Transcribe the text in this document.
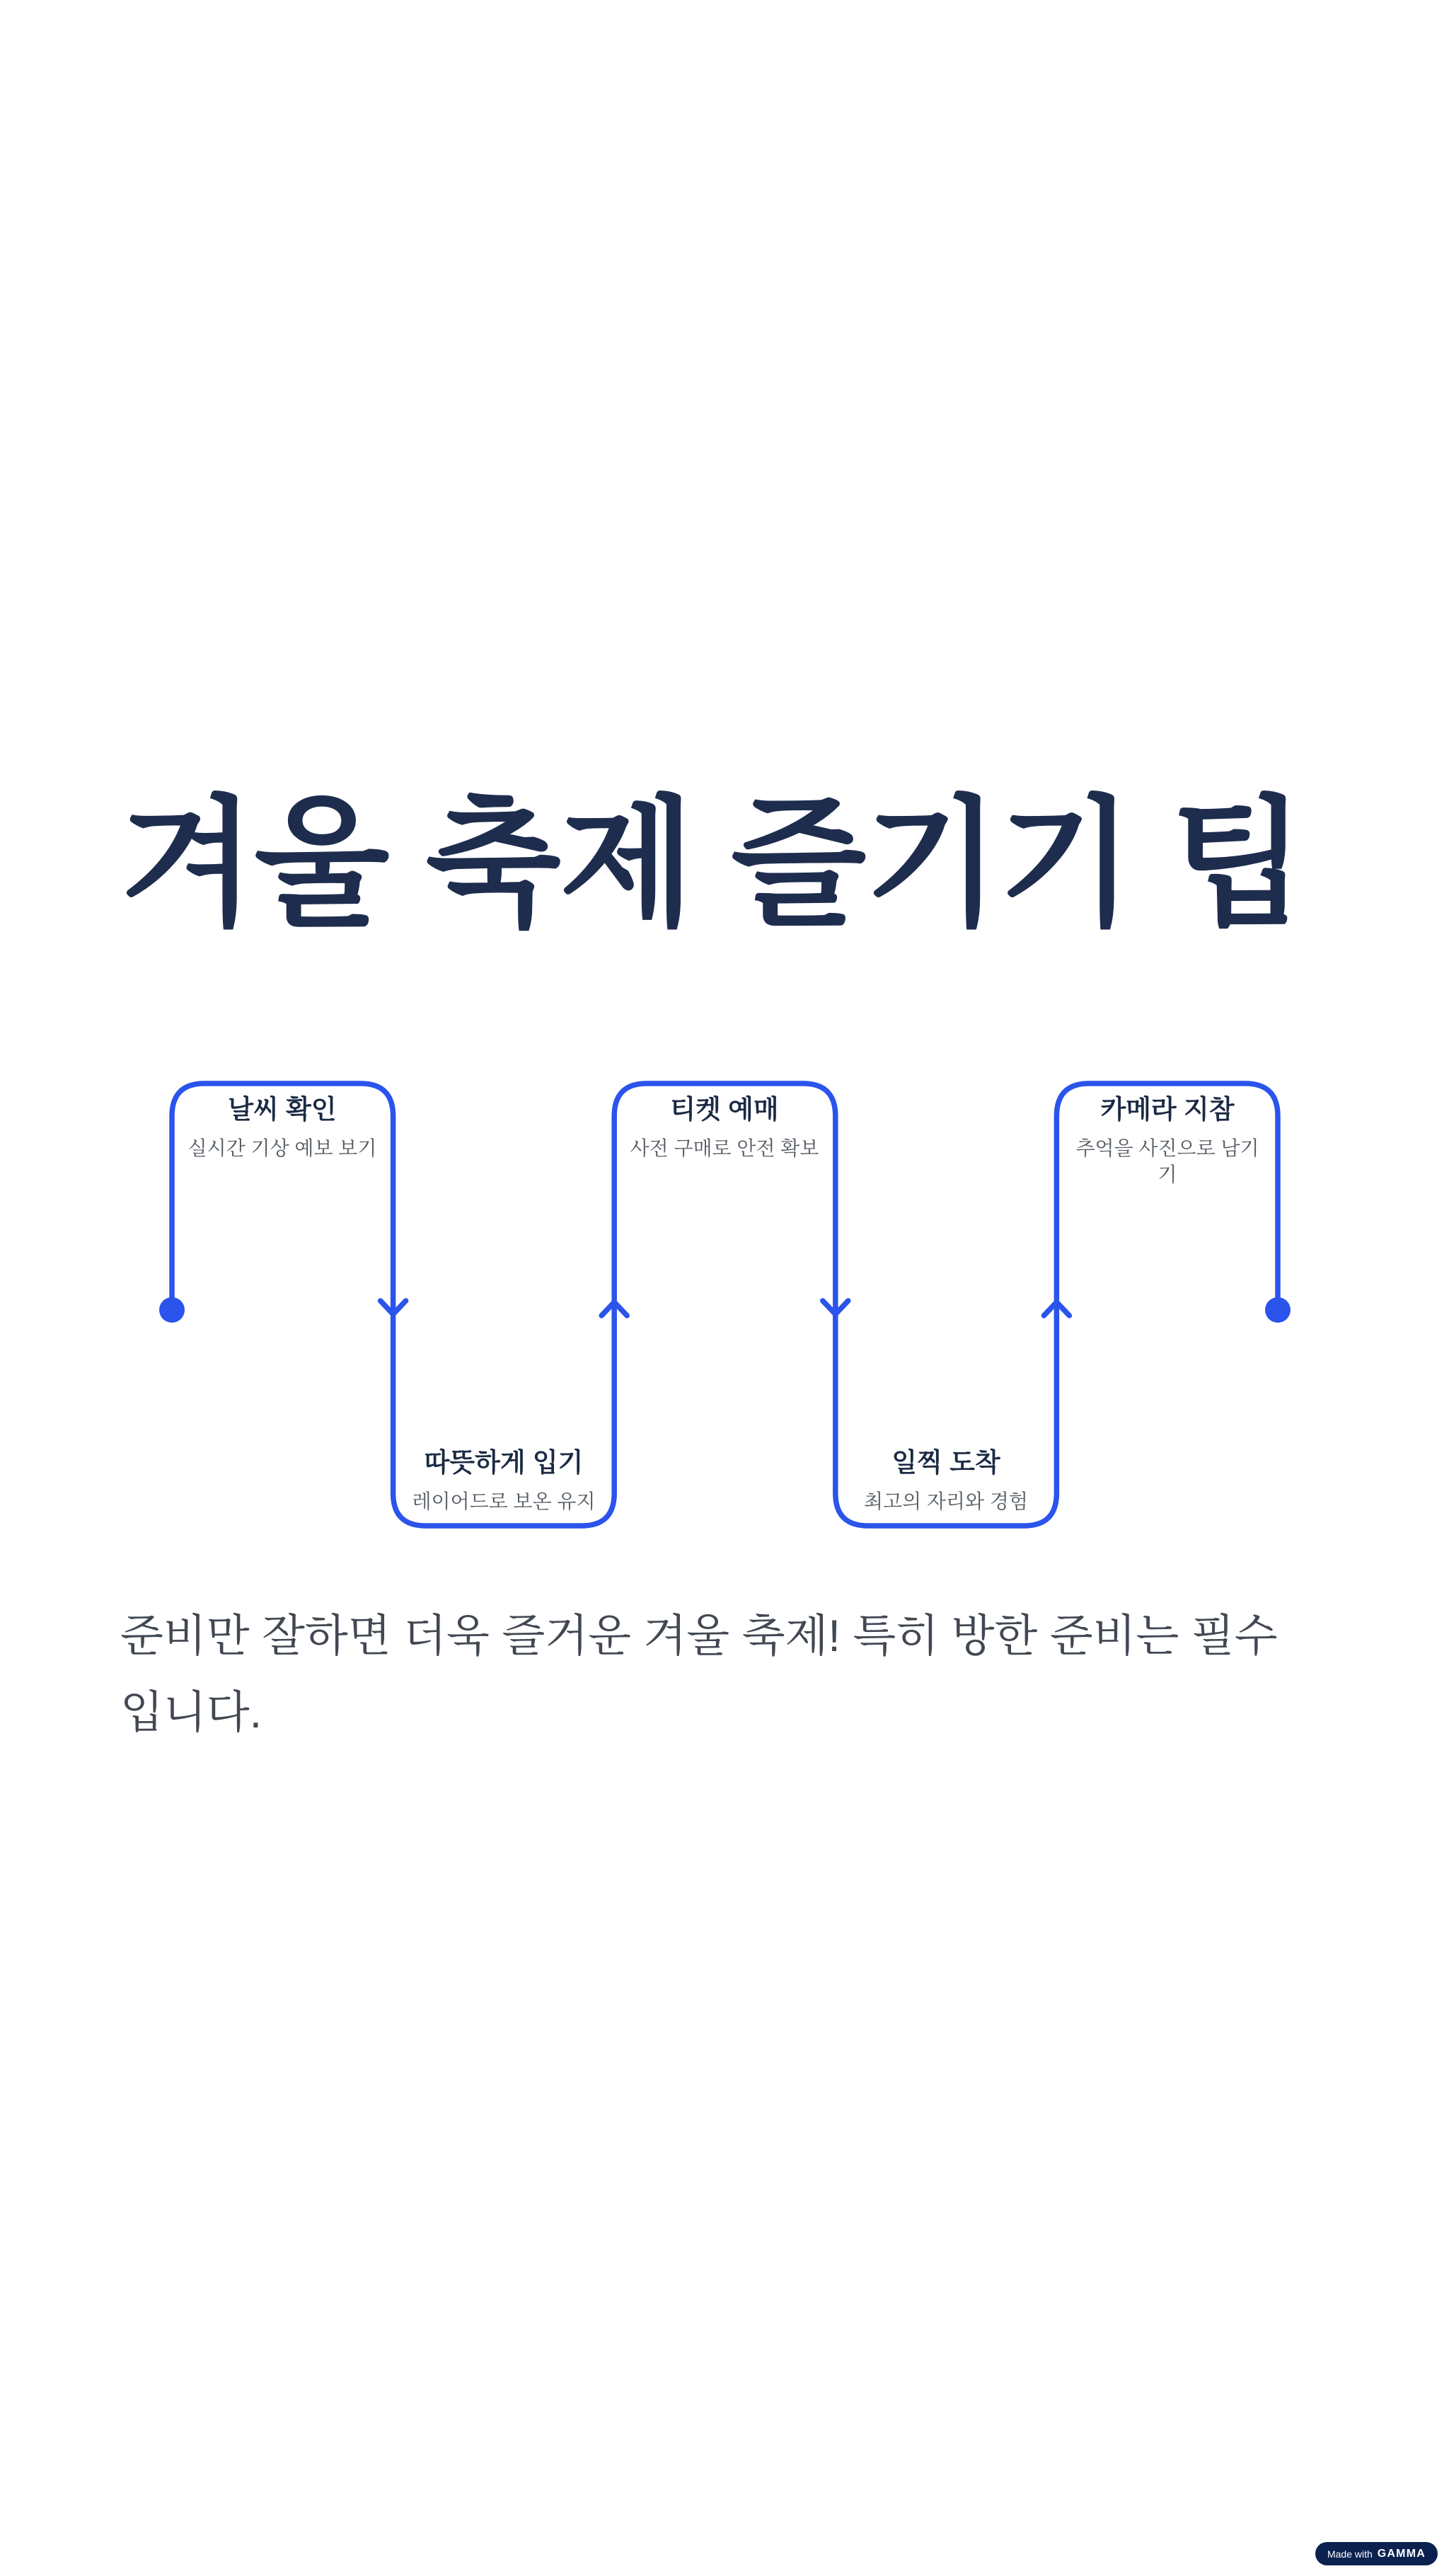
겨울 축제 즐기기 팁
날씨 확인

실시간 기상 예보 보기

따뜻하게 입기

레이어드로 보온 유지

티켓 예매

사전 구매로 안전 확보

일찍 도착

최고의 자리와 경험

카메라 지참

추억을 사진으로 남기기

준비만 잘하면 더욱 즐거운 겨울 축제! 특히 방한 준비는 필수입니다.

Made with GAMMA
